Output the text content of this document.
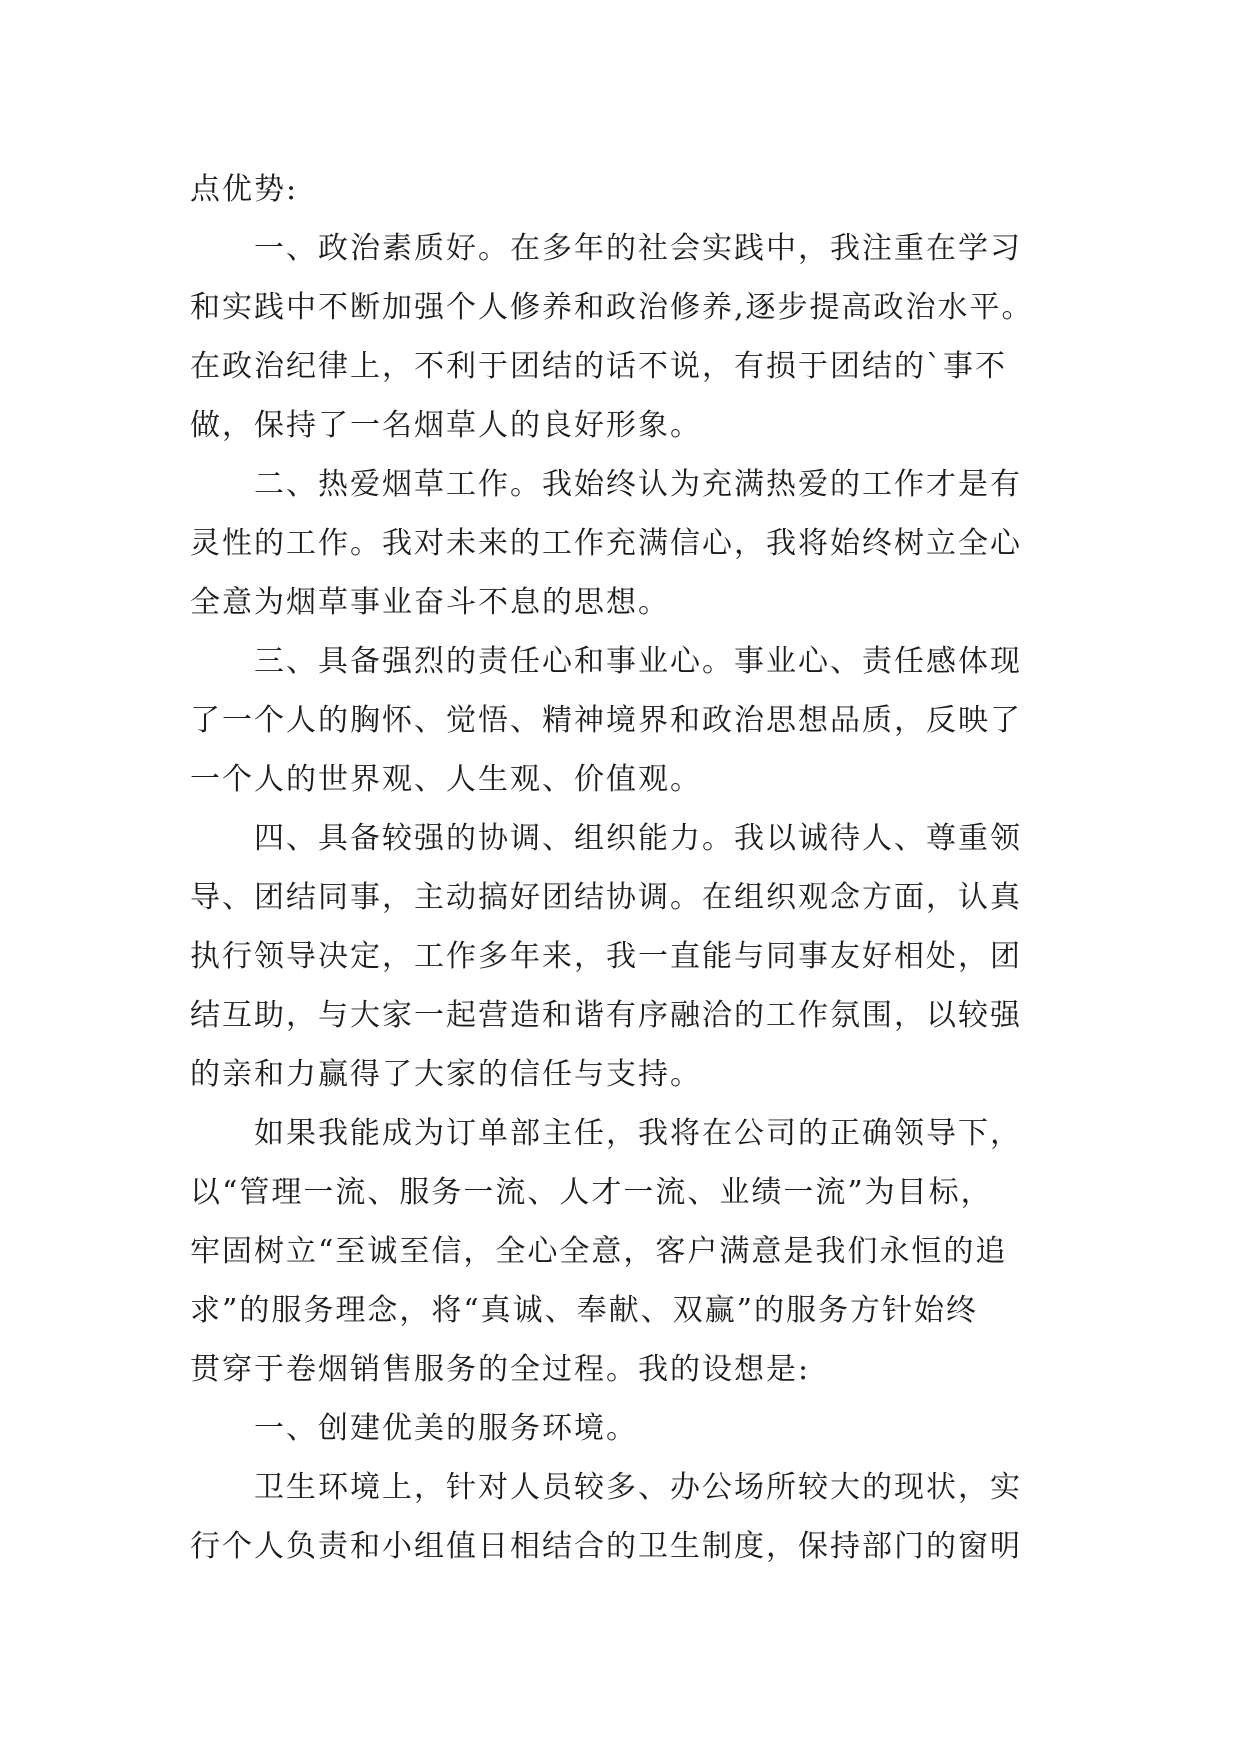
点优势:
一、政治素质好。在多年的社会实践中，我注重在学习
和实践中不断加强个人修养和政治修养,逐步提高政治水平。
在政治纪律上，不利于团结的话不说，有损于团结的`事不
做，保持了一名烟草人的良好形象。
二、热爱烟草工作。我始终认为充满热爱的工作才是有
灵性的工作。我对未来的工作充满信心，我将始终树立全心
全意为烟草事业奋斗不息的思想。
三、具备强烈的责任心和事业心。事业心、责任感体现
了一个人的胸怀、觉悟、精神境界和政治思想品质，反映了
一个人的世界观、人生观、价值观。
四、具备较强的协调、组织能力。我以诚待人、尊重领
导、团结同事，主动搞好团结协调。在组织观念方面，认真
执行领导决定，工作多年来，我一直能与同事友好相处，团
结互助，与大家一起营造和谐有序融洽的工作氛围，以较强
的亲和力赢得了大家的信任与支持。
如果我能成为订单部主任，我将在公司的正确领导下，
以“管理一流、服务一流、人才一流、业绩一流”为目标，
牢固树立“至诚至信，全心全意，客户满意是我们永恒的追
求”的服务理念，将“真诚、奉献、双赢”的服务方针始终
贯穿于卷烟销售服务的全过程。我的设想是:
一、创建优美的服务环境。
卫生环境上，针对人员较多、办公场所较大的现状，实
行个人负责和小组值日相结合的卫生制度，保持部门的窗明
